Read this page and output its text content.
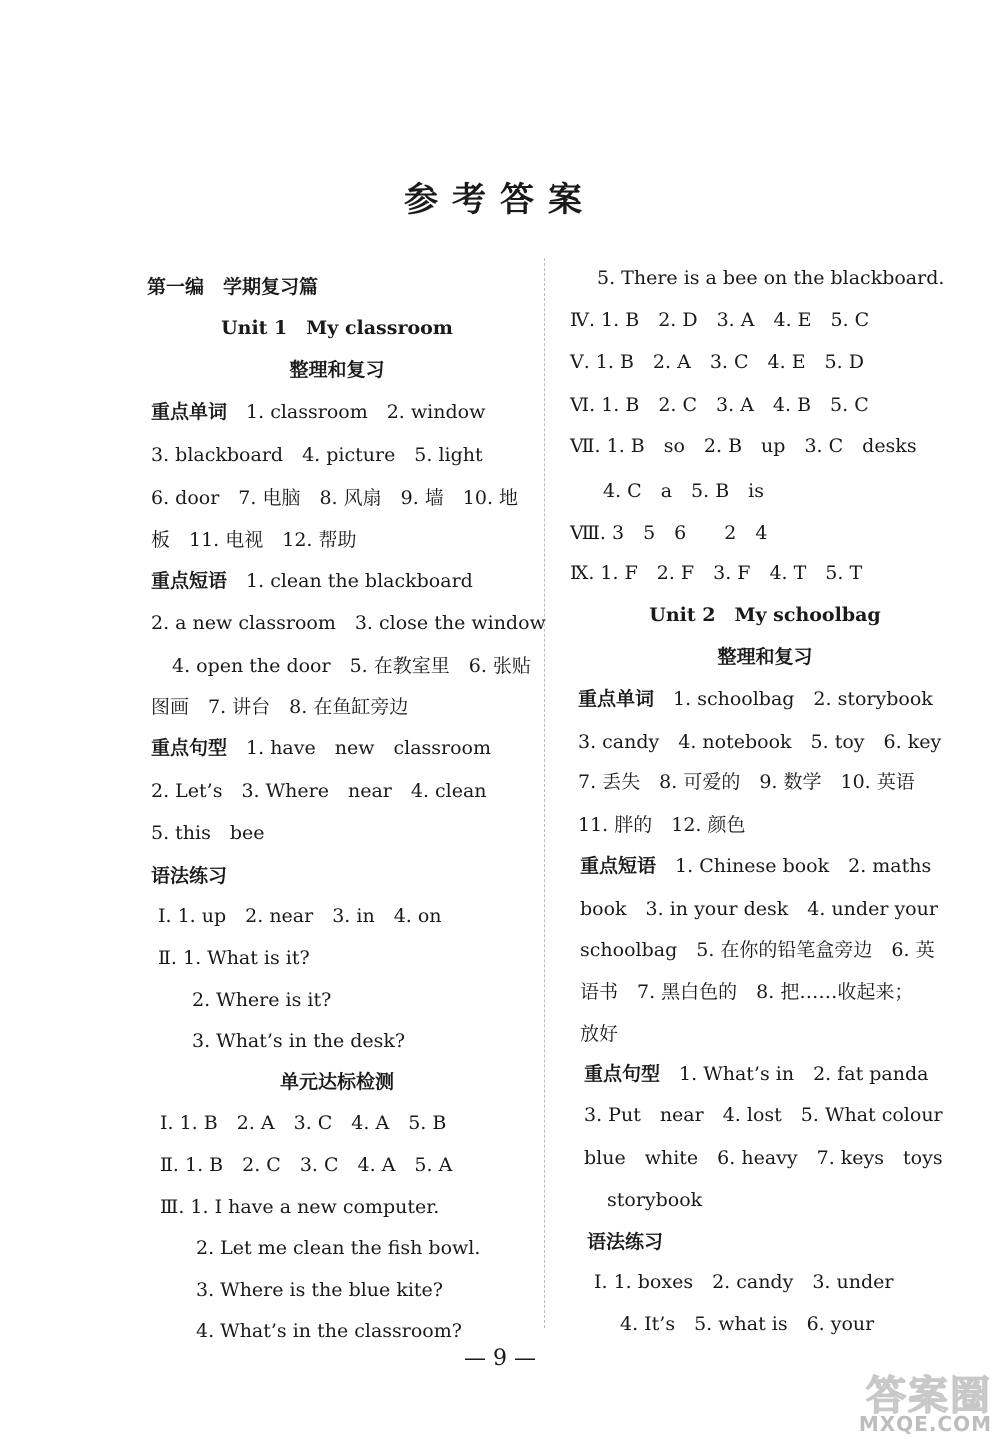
参考答案
第一编　学期复习篇
Unit 1　My classroom
整理和复习
重点单词　 1. classroom　2. window
3. blackboard　4. picture　5. light
6. door　7. 电脑　8. 风扇　9. 墙　10. 地
板　11. 电视　12. 帮助
重点短语　 1. clean the blackboard
2. a new classroom　3. close the window
4. open the door　5. 在教室里　6. 张贴
图画　7. 讲台　8. 在鱼缸旁边
重点句型　 1. have　new　classroom
2. Let’s　3. Where　near　4. clean
5. this　bee
语法练习
Ⅰ. 1. up　2. near　3. in　4. on
Ⅱ. 1. What is it?
2. Where is it?
3. What’s in the desk?
单元达标检测
Ⅰ. 1. B　2. A　3. C　4. A　5. B
Ⅱ. 1. B　2. C　3. C　4. A　5. A
Ⅲ. 1. I have a new computer.
2. Let me clean the fish bowl.
3. Where is the blue kite?
4. What’s in the classroom?
5. There is a bee on the blackboard.
Ⅳ. 1. B　2. D　3. A　4. E　5. C
Ⅴ. 1. B　2. A　3. C　4. E　5. D
Ⅵ. 1. B　2. C　3. A　4. B　5. C
Ⅶ. 1. B　so　2. B　up　3. C　desks
4. C　a　5. B　is
Ⅷ. 3　5　6　　2　4
Ⅸ. 1. F　2. F　3. F　4. T　5. T
Unit 2　My schoolbag
整理和复习
重点单词　 1. schoolbag　2. storybook
3. candy　4. notebook　5. toy　6. key
7. 丢失　8. 可爱的　9. 数学　10. 英语
11. 胖的　12. 颜色
重点短语　 1. Chinese book　2. maths
book　3. in your desk　4. under your
schoolbag　5. 在你的铅笔盒旁边　6. 英
语书　7. 黑白色的　8. 把……收起来；
放好
重点句型　 1. What’s in　2. fat panda
3. Put　near　4. lost　5. What colour
blue　white　6. heavy　7. keys　toys
storybook
语法练习
Ⅰ. 1. boxes　2. candy　3. under
4. It’s　5. what is　6. your
— 9 —
答案圈
MXQE.COM
